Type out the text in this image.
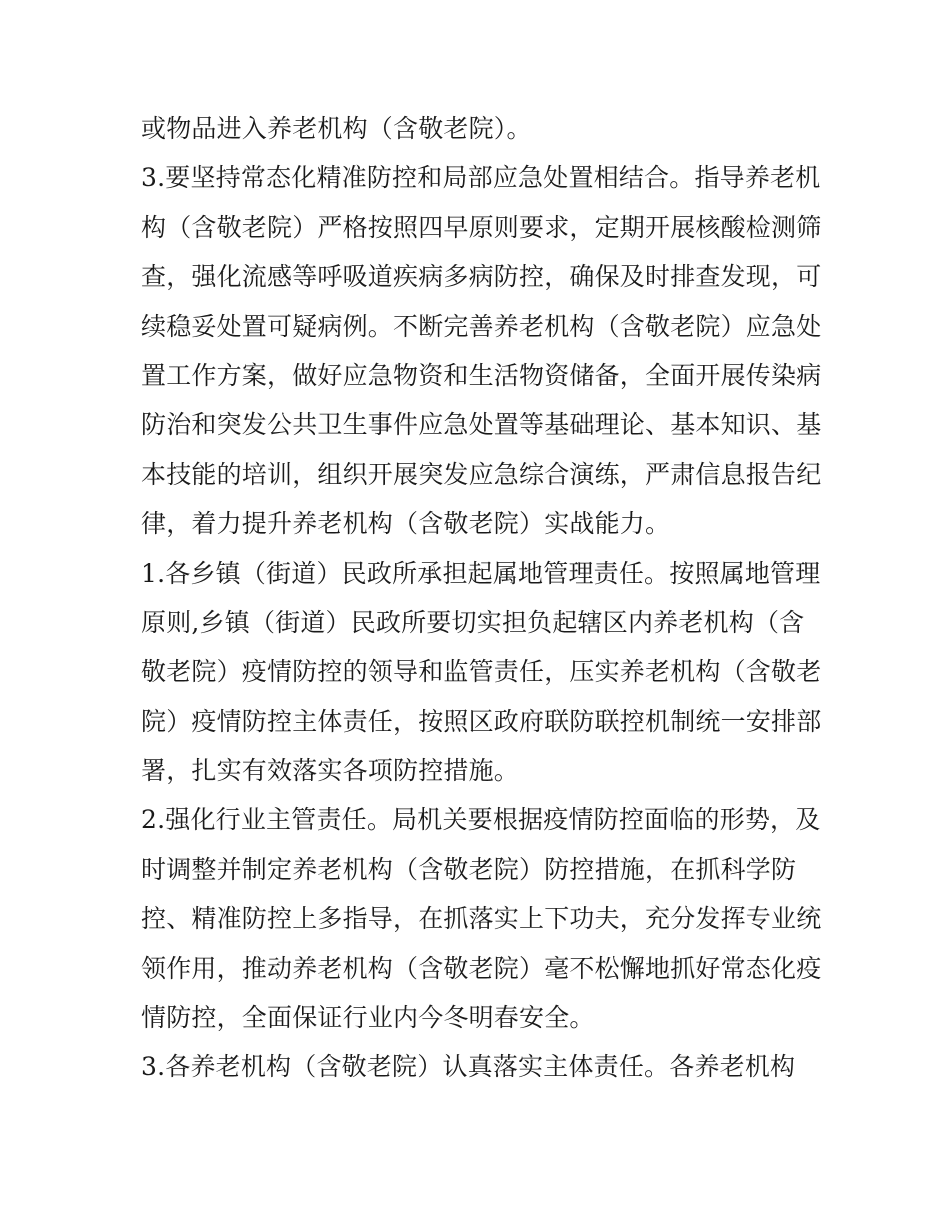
或物品进入养老机构（含敬老院）。
3.要坚持常态化精准防控和局部应急处置相结合。指导养老机
构（含敬老院）严格按照四早原则要求，定期开展核酸检测筛
查，强化流感等呼吸道疾病多病防控，确保及时排查发现，可
续稳妥处置可疑病例。不断完善养老机构（含敬老院）应急处
置工作方案，做好应急物资和生活物资储备，全面开展传染病
防治和突发公共卫生事件应急处置等基础理论、基本知识、基
本技能的培训，组织开展突发应急综合演练，严肃信息报告纪
律，着力提升养老机构（含敬老院）实战能力。
1.各乡镇（街道）民政所承担起属地管理责任。按照属地管理
原则,乡镇（街道）民政所要切实担负起辖区内养老机构（含
敬老院）疫情防控的领导和监管责任，压实养老机构（含敬老
院）疫情防控主体责任，按照区政府联防联控机制统一安排部
署，扎实有效落实各项防控措施。
2.强化行业主管责任。局机关要根据疫情防控面临的形势，及
时调整并制定养老机构（含敬老院）防控措施，在抓科学防
控、精准防控上多指导，在抓落实上下功夫，充分发挥专业统
领作用，推动养老机构（含敬老院）毫不松懈地抓好常态化疫
情防控，全面保证行业内今冬明春安全。
3.各养老机构（含敬老院）认真落实主体责任。各养老机构
